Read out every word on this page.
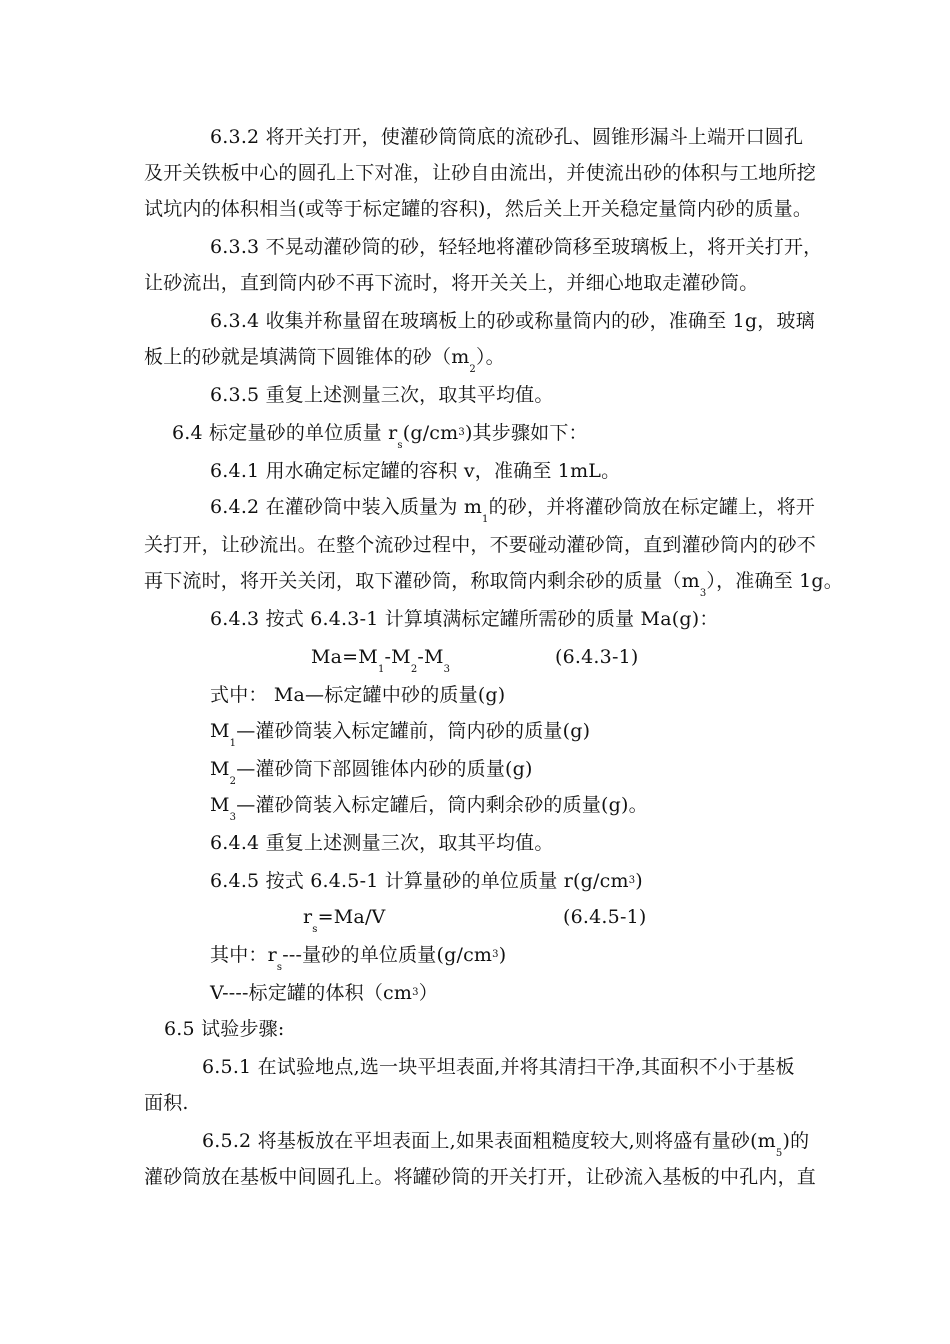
6.3.2 将开关打开，使灌砂筒筒底的流砂孔、圆锥形漏斗上端开口圆孔
及开关铁板中心的圆孔上下对准，让砂自由流出，并使流出砂的体积与工地所挖
试坑内的体积相当(或等于标定罐的容积)，然后关上开关稳定量筒内砂的质量。
6.3.3 不晃动灌砂筒的砂，轻轻地将灌砂筒移至玻璃板上，将开关打开，
让砂流出，直到筒内砂不再下流时，将开关关上，并细心地取走灌砂筒。
6.3.4 收集并称量留在玻璃板上的砂或称量筒内的砂，准确至 1g，玻璃
板上的砂就是填满筒下圆锥体的砂$(m_2)$。
6.3.5 重复上述测量三次，取其平均值。
6.4 标定量砂的单位质量 $r_s(g/cm^3)$其步骤如下：
6.4.1 用水确定标定罐的容积 v，准确至 1mL。
6.4.2 在灌砂筒中装入质量为 $m_1$的砂，并将灌砂筒放在标定罐上，将开
关打开，让砂流出。在整个流砂过程中，不要碰动灌砂筒，直到灌砂筒内的砂不
再下流时，将开关关闭，取下灌砂筒，称取筒内剩余砂的质量$(m_3)$，准确至 1g。
6.4.3 按式 6.4.3-1 计算填满标定罐所需砂的质量 Ma(g)：
$Ma=M_1-M_2-M_3$
(6.4.3-1)
式中： Ma—标定罐中砂的质量(g)
$M_1—$灌砂筒装入标定罐前，筒内砂的质量(g)
$M_2—$灌砂筒下部圆锥体内砂的质量(g)
$M_3—$灌砂筒装入标定罐后，筒内剩余砂的质量(g)。
6.4.4 重复上述测量三次，取其平均值。
6.4.5 按式 6.4.5-1 计算量砂的单位质量 $r(g/cm^3)$
$r_s=Ma/V$	(6.4.5-1)
其中：$r_s---$量砂的单位质量$(g/cm^3)$
V----标定罐的体积$(cm^3)$
6.5 试验步骤:
6.5.1 在试验地点,选一块平坦表面,并将其清扫干净,其面积不小于基板
面积.
6.5.2 将基板放在平坦表面上,如果表面粗糙度较大,则将盛有量砂$(m_5)$的
灌砂筒放在基板中间圆孔上。将罐砂筒的开关打开，让砂流入基板的中孔内，直
